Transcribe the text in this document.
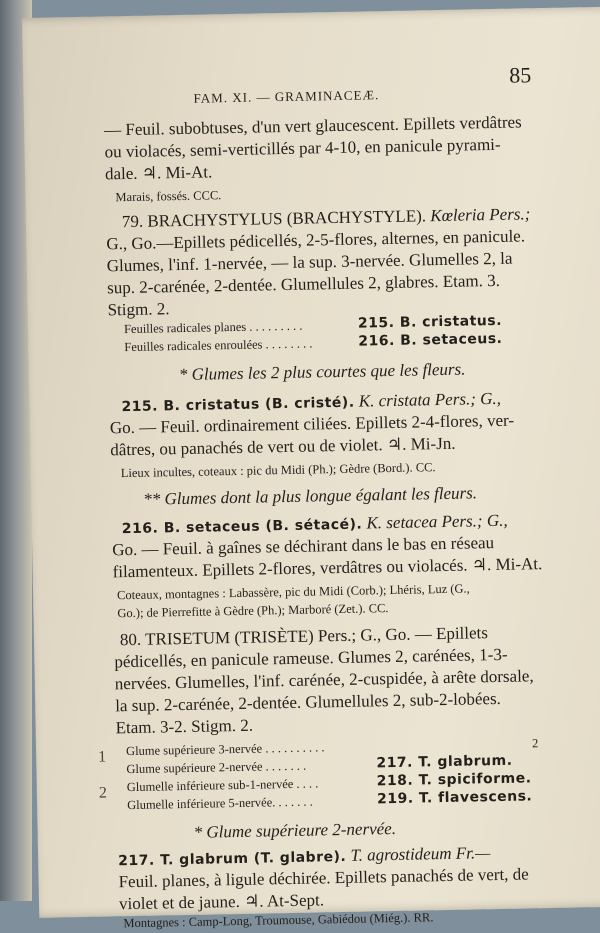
FAM. XI. — GRAMINACEÆ.
85
— Feuil. subobtuses, d'un vert glaucescent. Epillets verdâtres
ou violacés, semi-verticillés par 4-10, en panicule pyrami-
dale. ♃. Mi-At.
Marais, fossés. CCC.
79. BRACHYSTYLUS (BRACHYSTYLE). Kœleria Pers.;
G., Go.—Epillets pédicellés, 2-5-flores, alternes, en panicule.
Glumes, l'inf. 1-nervée, — la sup. 3-nervée. Glumelles 2, la
sup. 2-carénée, 2-dentée. Glumellules 2, glabres. Etam. 3.
Stigm. 2.
Feuilles radicales planes . . . . . . . . .	215. B. cristatus.
Feuilles radicales enroulées . . . . . . . .	216. B. setaceus.
* Glumes les 2 plus courtes que les fleurs.
215. B. cristatus (B. cristé). K. cristata Pers.; G.,
Go. — Feuil. ordinairement ciliées. Epillets 2-4-flores, ver-
dâtres, ou panachés de vert ou de violet. ♃. Mi-Jn.
Lieux incultes, coteaux : pic du Midi (Ph.); Gèdre (Bord.). CC.
** Glumes dont la plus longue égalant les fleurs.
216. B. setaceus (B. sétacé). K. setacea Pers.; G.,
Go. — Feuil. à gaînes se déchirant dans le bas en réseau
filamenteux. Epillets 2-flores, verdâtres ou violacés. ♃. Mi-At.
Coteaux, montagnes : Labassère, pic du Midi (Corb.); Lhéris, Luz (G.,
Go.); de Pierrefitte à Gèdre (Ph.); Marboré (Zet.). CC.
80. TRISETUM (TRISÈTE) Pers.; G., Go. — Epillets
pédicellés, en panicule rameuse. Glumes 2, carénées, 1-3-
nervées. Glumelles, l'inf. carénée, 2-cuspidée, à arête dorsale,
la sup. 2-carénée, 2-dentée. Glumellules 2, sub-2-lobées.
Etam. 3-2. Stigm. 2.
1 Glume supérieure 3-nervée . . . . . . . . . .	2
Glume supérieure 2-nervée . . . . . . .	217. T. glabrum.
2 Glumelle inférieure sub-1-nervée . . . .	218. T. spiciforme.
Glumelle inférieure 5-nervée. . . . . . .	219. T. flavescens.
* Glume supérieure 2-nervée.
217. T. glabrum (T. glabre). T. agrostideum Fr.—
Feuil. planes, à ligule déchirée. Epillets panachés de vert, de
violet et de jaune. ♃. At-Sept.
Montagnes : Camp-Long, Troumouse, Gabiédou (Miég.). RR.
